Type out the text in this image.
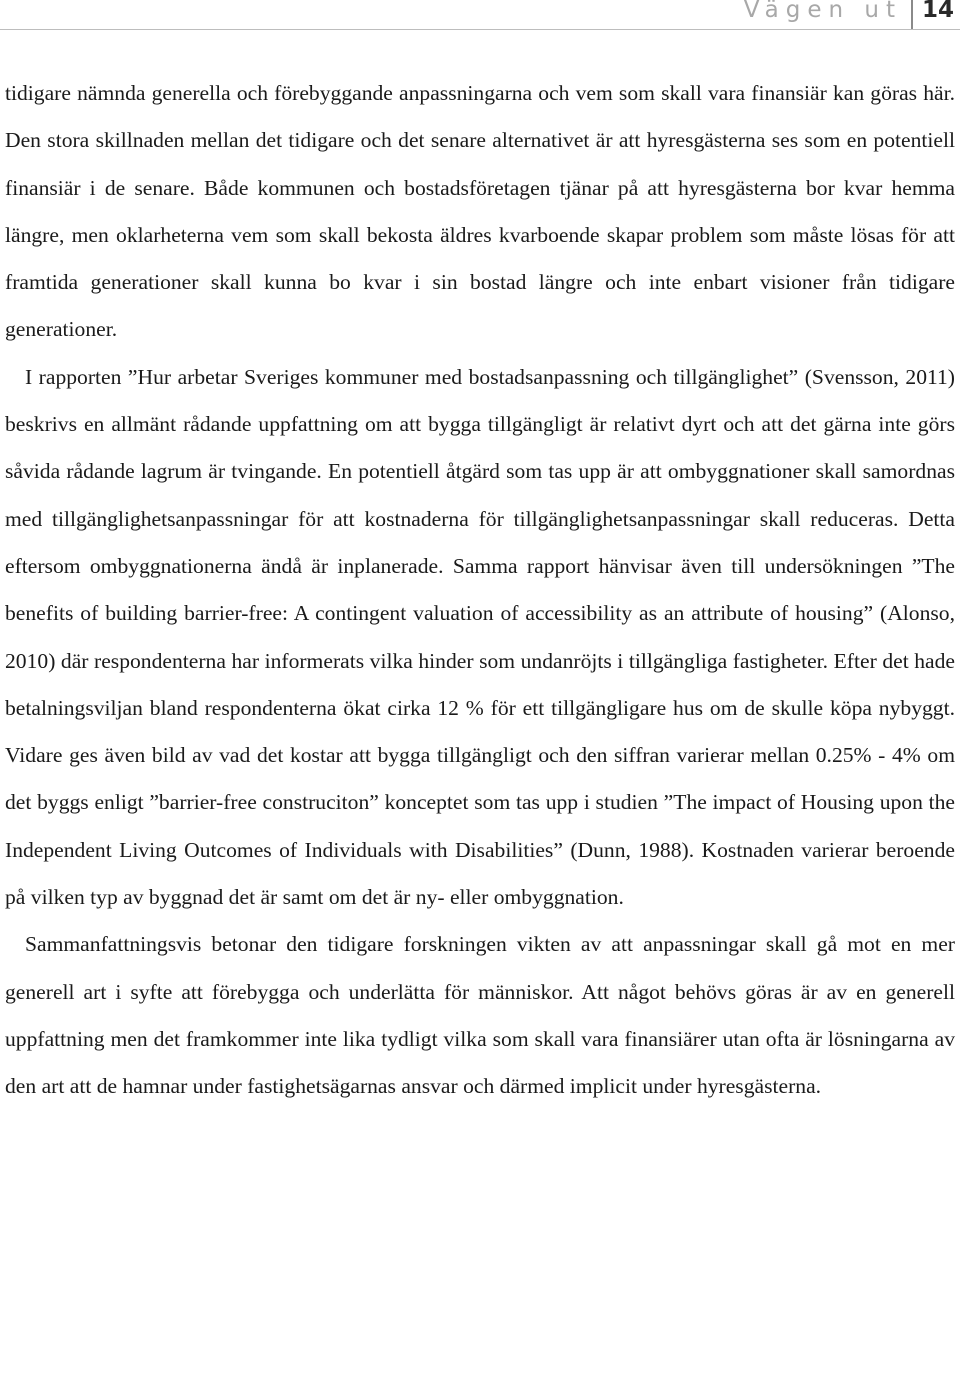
Vägen ut 14

tidigare nämnda generella och förebyggande anpassningarna och vem som skall vara finansiär kan göras här. Den stora skillnaden mellan det tidigare och det senare alternativet är att hyresgästerna ses som en potentiell finansiär i de senare. Både kommunen och bostadsföretagen tjänar på att hyresgästerna bor kvar hemma längre, men oklarheterna vem som skall bekosta äldres kvarboende skapar problem som måste lösas för att framtida generationer skall kunna bo kvar i sin bostad längre och inte enbart visioner från tidigare generationer.

I rapporten ”Hur arbetar Sveriges kommuner med bostadsanpassning och tillgänglighet” (Svensson, 2011) beskrivs en allmänt rådande uppfattning om att bygga tillgängligt är relativt dyrt och att det gärna inte görs såvida rådande lagrum är tvingande. En potentiell åtgärd som tas upp är att ombyggnationer skall samordnas med tillgänglighetsanpassningar för att kostnaderna för tillgänglighetsanpassningar skall reduceras. Detta eftersom ombyggnationerna ändå är inplanerade. Samma rapport hänvisar även till undersökningen ”The benefits of building barrier-free: A contingent valuation of accessibility as an attribute of housing” (Alonso, 2010) där respondenterna har informerats vilka hinder som undanröjts i tillgängliga fastigheter. Efter det hade betalningsviljan bland respondenterna ökat cirka 12 % för ett tillgängligare hus om de skulle köpa nybyggt. Vidare ges även bild av vad det kostar att bygga tillgängligt och den siffran varierar mellan 0.25% - 4% om det byggs enligt ”barrier-free construciton” konceptet som tas upp i studien ”The impact of Housing upon the Independent Living Outcomes of Individuals with Disabilities” (Dunn, 1988). Kostnaden varierar beroende på vilken typ av byggnad det är samt om det är ny- eller ombyggnation.

Sammanfattningsvis betonar den tidigare forskningen vikten av att anpassningar skall gå mot en mer generell art i syfte att förebygga och underlätta för människor. Att något behövs göras är av en generell uppfattning men det framkommer inte lika tydligt vilka som skall vara finansiärer utan ofta är lösningarna av den art att de hamnar under fastighetsägarnas ansvar och därmed implicit under hyresgästerna.
